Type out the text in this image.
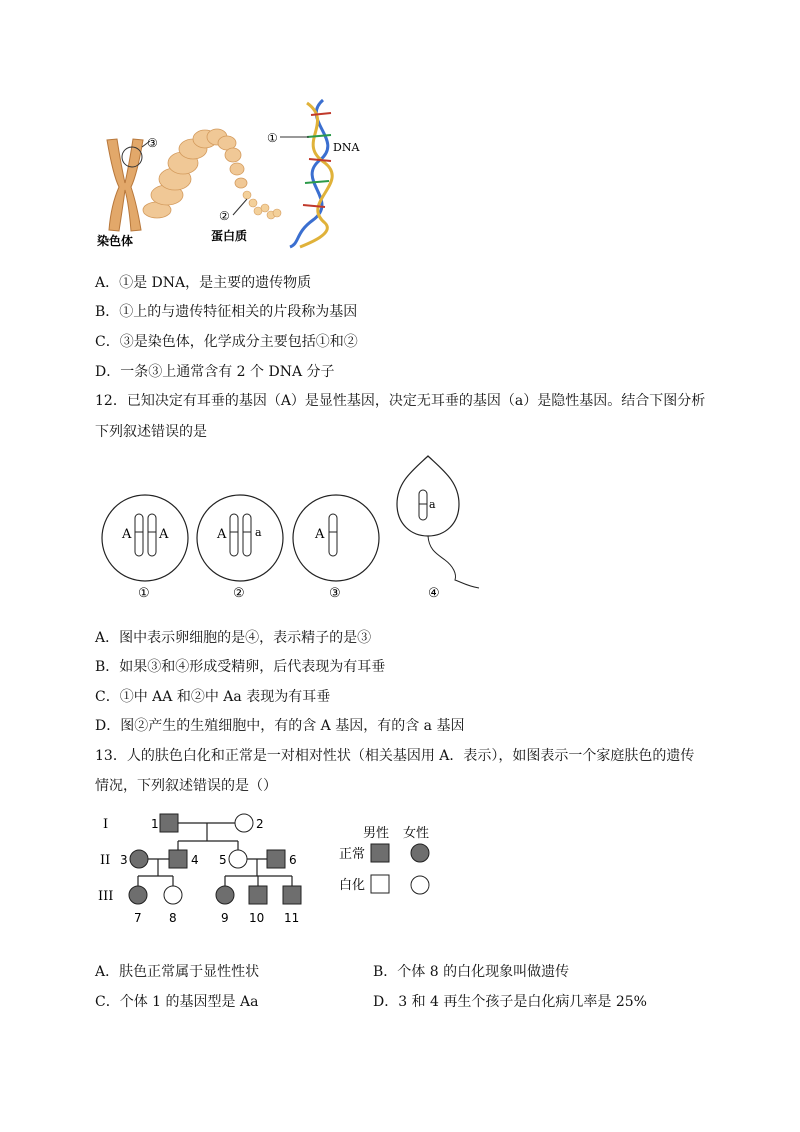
③	①
DNA
②
染色体	蛋白质
A．①是 DNA，是主要的遗传物质
B．①上的与遗传特征相关的片段称为基因
C．③是染色体，化学成分主要包括①和②
D．一条③上通常含有 2 个 DNA 分子
12．已知决定有耳垂的基因（A）是显性基因，决定无耳垂的基因（a）是隐性基因。结合下图分析
下列叙述错误的是
A A
①
A	a
②
A
③
a
④
A．图中表示卵细胞的是④，表示精子的是③
B．如果③和④形成受精卵，后代表现为有耳垂
C．①中 AA 和②中 Aa 表现为有耳垂
D．图②产生的生殖细胞中，有的含 A 基因，有的含 a 基因
13．人的肤色白化和正常是一对相对性状（相关基因用 A．表示），如图表示一个家庭肤色的遗传
情况，下列叙述错误的是（）
I
II
III
1	2
3	4 5	6
7 8	9 10 11
男性 女性
正常
白化
A．肤色正常属于显性性状	B．个体 8 的白化现象叫做遗传
C．个体 1 的基因型是 Aa	D．3 和 4 再生个孩子是白化病几率是 25%
